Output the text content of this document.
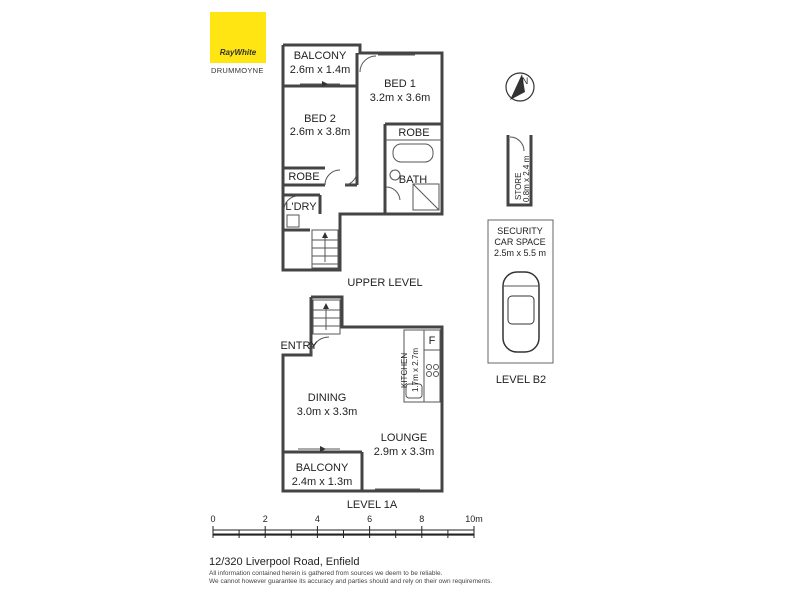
RayWhite
DRUMMOYNE
BALCONY
2.6m x 1.4m
BED 1
3.2m x 3.6m
BED 2
2.6m x 3.8m	ROBE
ROBE	BATH
L'DRY
UPPER LEVEL
N
STORE 0.8m x 2.4 m
SECURITY
CAR SPACE
2.5m x 5.5 m
LEVEL B2
ENTRY
KITCHEN 1.7m x 2.7m
F
DINING
3.0m x 3.3m
LOUNGE
2.9m x 3.3m
BALCONY
2.4m x 1.3m
LEVEL 1A
0	2	4	6	8	10m
12/320 Liverpool Road, Enfield
All information contained herein is gathered from sources we deem to be reliable.
We cannot however guarantee its accuracy and parties should and rely on their own requirements.
